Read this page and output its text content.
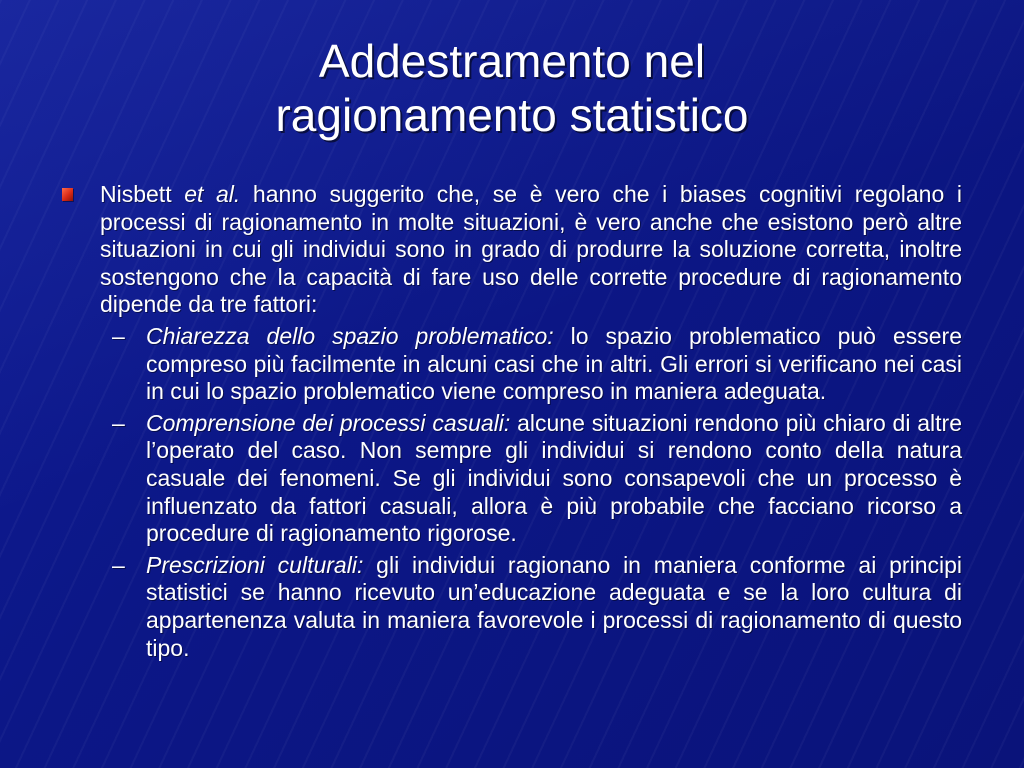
Addestramento nel
ragionamento statistico
Nisbett et al. hanno suggerito che, se è vero che i biases cognitivi regolano i processi di ragionamento in molte situazioni, è vero anche che esistono però altre situazioni in cui gli individui sono in grado di produrre la soluzione corretta, inoltre sostengono che la capacità di fare uso delle corrette procedure di ragionamento dipende da tre fattori:
– Chiarezza dello spazio problematico: lo spazio problematico può essere compreso più facilmente in alcuni casi che in altri. Gli errori si verificano nei casi in cui lo spazio problematico viene compreso in maniera adeguata.
– Comprensione dei processi casuali: alcune situazioni rendono più chiaro di altre l’operato del caso. Non sempre gli individui si rendono conto della natura casuale dei fenomeni. Se gli individui sono consapevoli che un processo è influenzato da fattori casuali, allora è più probabile che facciano ricorso a procedure di ragionamento rigorose.
– Prescrizioni culturali: gli individui ragionano in maniera conforme ai principi statistici se hanno ricevuto un’educazione adeguata e se la loro cultura di appartenenza valuta in maniera favorevole i processi di ragionamento di questo tipo.
